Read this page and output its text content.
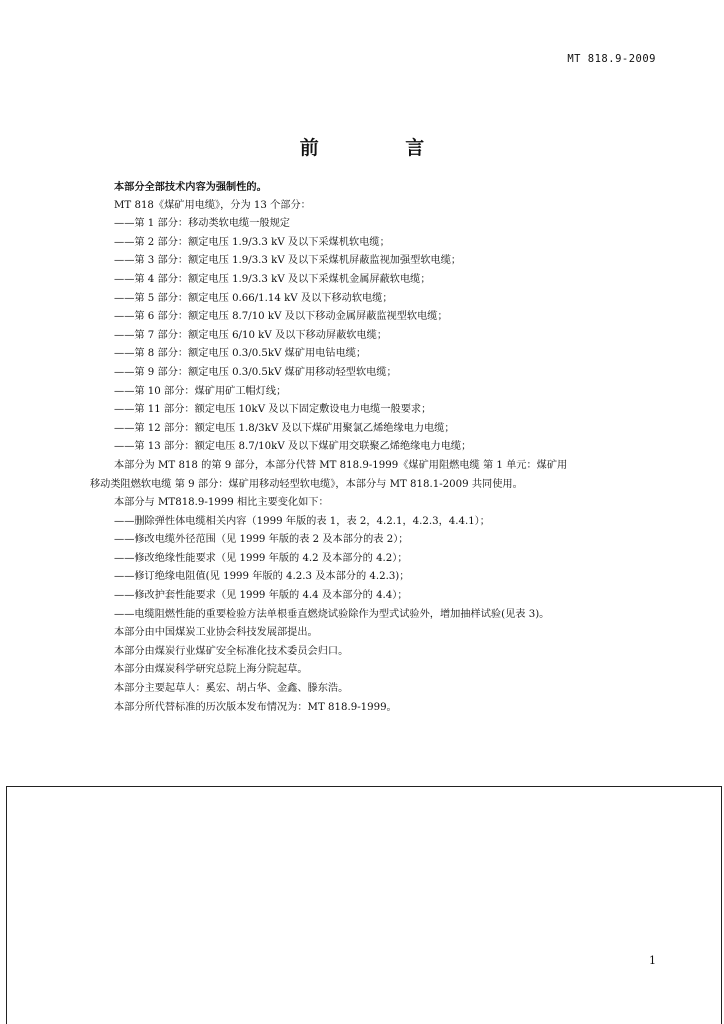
MT 818.9-2009
前 言
本部分全部技术内容为强制性的。
MT 818《煤矿用电缆》，分为 13 个部分：
——第 1 部分：移动类软电缆一般规定
——第 2 部分：额定电压 1.9/3.3 kV 及以下采煤机软电缆；
——第 3 部分：额定电压 1.9/3.3 kV 及以下采煤机屏蔽监视加强型软电缆；
——第 4 部分：额定电压 1.9/3.3 kV 及以下采煤机金属屏蔽软电缆；
——第 5 部分：额定电压 0.66/1.14 kV 及以下移动软电缆；
——第 6 部分：额定电压 8.7/10 kV 及以下移动金属屏蔽监视型软电缆；
——第 7 部分：额定电压 6/10 kV 及以下移动屏蔽软电缆；
——第 8 部分：额定电压 0.3/0.5kV 煤矿用电钻电缆；
——第 9 部分：额定电压 0.3/0.5kV 煤矿用移动轻型软电缆；
——第 10 部分：煤矿用矿工帽灯线；
——第 11 部分：额定电压 10kV 及以下固定敷设电力电缆一般要求；
——第 12 部分：额定电压 1.8/3kV 及以下煤矿用聚氯乙烯绝缘电力电缆；
——第 13 部分：额定电压 8.7/10kV 及以下煤矿用交联聚乙烯绝缘电力电缆；
本部分为 MT 818 的第 9 部分，本部分代替 MT 818.9-1999《煤矿用阻燃电缆 第 1 单元：煤矿用
移动类阻燃软电缆 第 9 部分：煤矿用移动轻型软电缆》，本部分与 MT 818.1-2009 共同使用。
本部分与 MT818.9-1999 相比主要变化如下：
——删除弹性体电缆相关内容（1999 年版的表 1，表 2，4.2.1，4.2.3，4.4.1）；
——修改电缆外径范围（见 1999 年版的表 2 及本部分的表 2）；
——修改绝缘性能要求（见 1999 年版的 4.2 及本部分的 4.2）；
——修订绝缘电阻值(见 1999 年版的 4.2.3 及本部分的 4.2.3)；
——修改护套性能要求（见 1999 年版的 4.4 及本部分的 4.4）；
——电缆阻燃性能的重要检验方法单根垂直燃烧试验除作为型式试验外，增加抽样试验(见表 3)。
本部分由中国煤炭工业协会科技发展部提出。
本部分由煤炭行业煤矿安全标准化技术委员会归口。
本部分由煤炭科学研究总院上海分院起草。
本部分主要起草人：奚宏、胡占华、金鑫、滕东浩。
本部分所代替标准的历次版本发布情况为：MT 818.9-1999。
1
